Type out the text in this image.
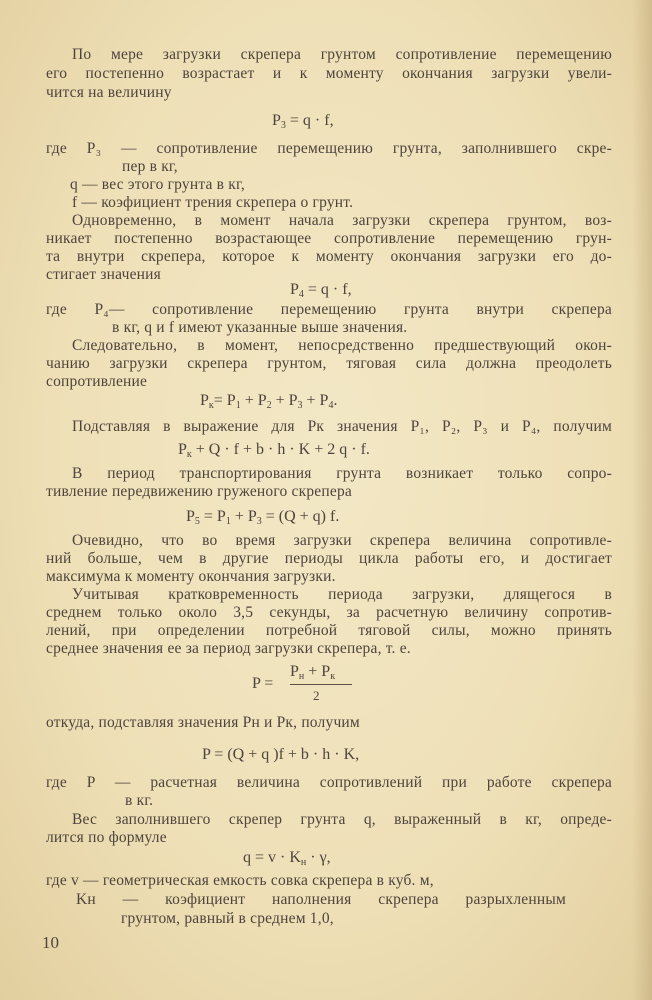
По мере загрузки скрепера грунтом сопротивление перемещению
его постепенно возрастает и к моменту окончания загрузки увели-
чится на величину
$P_3 = q \cdot f$,
где P₃ — сопротивление перемещению грунта, заполнившего скре-
пер в кг,
q — вес этого грунта в кг,
f — коэфициент трения скрепера о грунт.
Одновременно, в момент начала загрузки скрепера грунтом, воз-
никает постепенно возрастающее сопротивление перемещению грун-
та внутри скрепера, которое к моменту окончания загрузки его до-
стигает значения
$P_4 = q \cdot f$,
где P₄— сопротивление перемещению грунта внутри скрепера
в кг, q и f имеют указанные выше значения.
Следовательно, в момент, непосредственно предшествующий окон-
чанию загрузки скрепера грунтом, тяговая сила должна преодолеть
сопротивление
$P_к= P_1 + P_2 + P_3 + P_4$.
Подставляя в выражение для Pк значения P₁, P₂, P₃ и P₄, получим
$P_к + Q \cdot f + b \cdot h \cdot K + 2$ q · f.
В период транспортирования грунта возникает только сопро-
тивление передвижению груженого скрепера
$P_5 = P_1 + P_3 = (Q + q)$ f.
Очевидно, что во время загрузки скрепера величина сопротивле-
ний больше, чем в другие периоды цикла работы его, и достигает
максимума к моменту окончания загрузки.
Учитывая кратковременность периода загрузки, длящегося в
среднем только около 3,5 секунды, за расчетную величину сопротив-
лений, при определении потребной тяговой силы, можно принять
среднее значения ее за период загрузки скрепера, т. е.
P =
$P_н + P_к$
2
откуда, подставляя значения Pн и Pк, получим
P = (Q + q )f + b · h · K,
где P — расчетная величина сопротивлений при работе скрепера
в кг.
Вес заполнившего скрепер грунта q, выраженный в кг, опреде-
лится по формуле
$q = v \cdot K_н \cdot \gamma$,
где v — геометрическая емкость совка скрепера в куб. м,
Kн — коэфициент наполнения скрепера разрыхленным
грунтом, равный в среднем 1,0,
10
